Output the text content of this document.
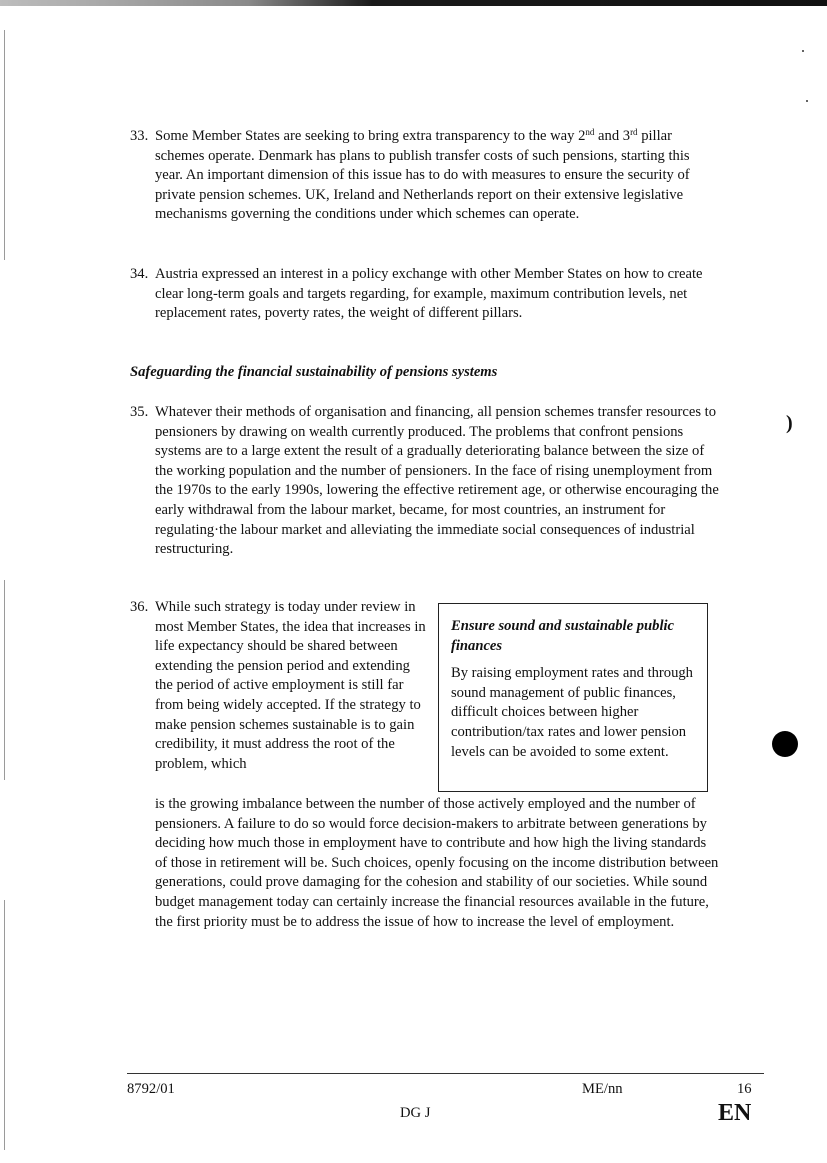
33. Some Member States are seeking to bring extra transparency to the way 2nd and 3rd pillar schemes operate. Denmark has plans to publish transfer costs of such pensions, starting this year. An important dimension of this issue has to do with measures to ensure the security of private pension schemes. UK, Ireland and Netherlands report on their extensive legislative mechanisms governing the conditions under which schemes can operate.
34. Austria expressed an interest in a policy exchange with other Member States on how to create clear long-term goals and targets regarding, for example, maximum contribution levels, net replacement rates, poverty rates, the weight of different pillars.
Safeguarding the financial sustainability of pensions systems
35. Whatever their methods of organisation and financing, all pension schemes transfer resources to pensioners by drawing on wealth currently produced. The problems that confront pensions systems are to a large extent the result of a gradually deteriorating balance between the size of the working population and the number of pensioners. In the face of rising unemployment from the 1970s to the early 1990s, lowering the effective retirement age, or otherwise encouraging the early withdrawal from the labour market, became, for most countries, an instrument for regulating·the labour market and alleviating the immediate social consequences of industrial restructuring.
36. While such strategy is today under review in most Member States, the idea that increases in life expectancy should be shared between extending the pension period and extending the period of active employment is still far from being widely accepted. If the strategy to make pension schemes sustainable is to gain credibility, it must address the root of the problem, which
is the growing imbalance between the number of those actively employed and the number of pensioners. A failure to do so would force decision-makers to arbitrate between generations by deciding how much those in employment have to contribute and how high the living standards of those in retirement will be. Such choices, openly focusing on the income distribution between generations, could prove damaging for the cohesion and stability of our societies. While sound budget management today can certainly increase the financial resources available in the future, the first priority must be to address the issue of how to increase the level of employment.
Ensure sound and sustainable public finances
By raising employment rates and through sound management of public finances, difficult choices between higher contribution/tax rates and lower pension levels can be avoided to some extent.
)
8792/01	ME/nn	16
DG J	EN
